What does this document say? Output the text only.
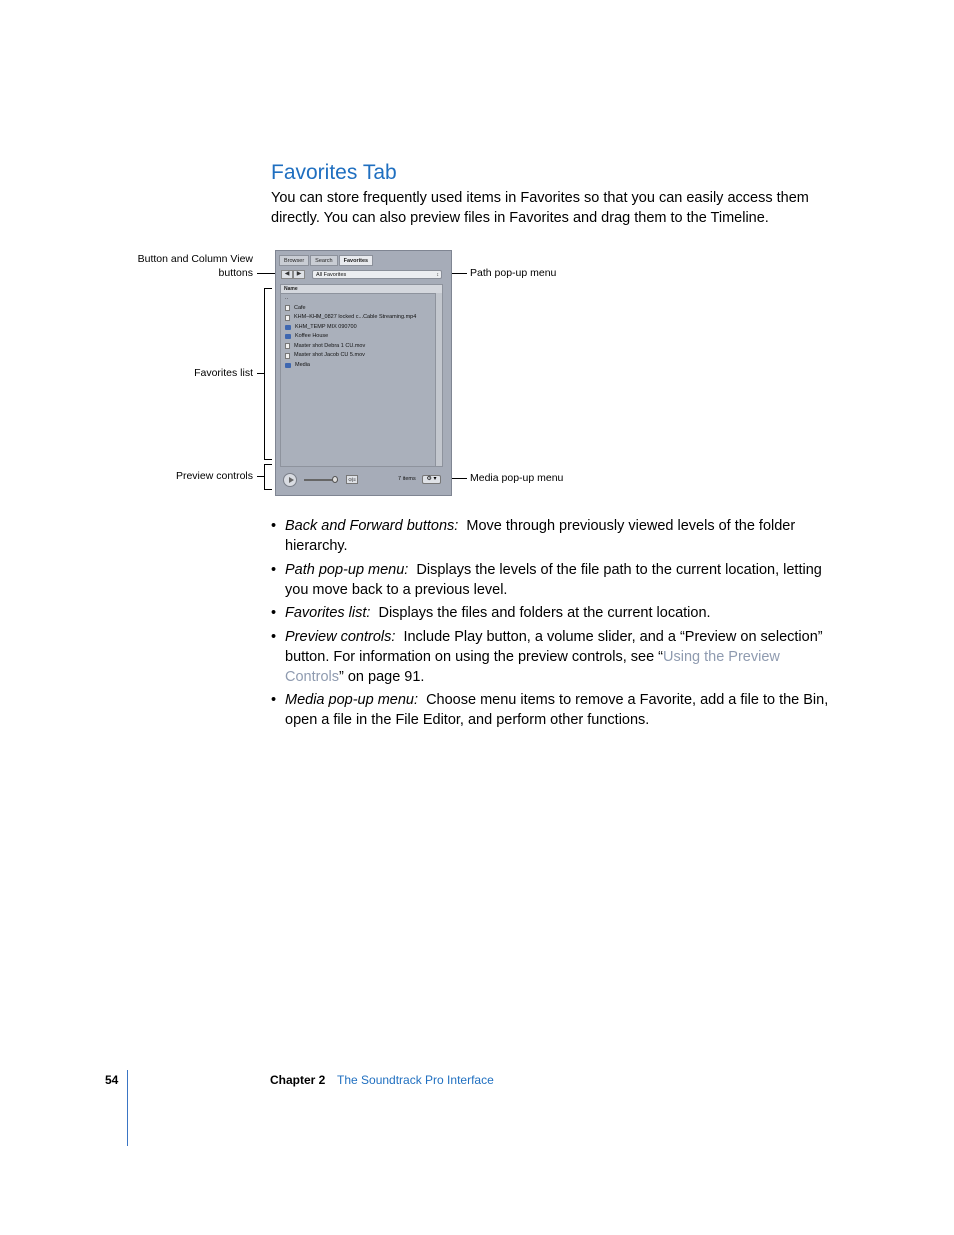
Favorites Tab

You can store frequently used items in Favorites so that you can easily access them directly. You can also preview files in Favorites and drag them to the Timeline.

Button and Column View
buttons
Favorites list
Preview controls
Path pop-up menu
Media pop-up menu
Browser	Search	Favorites
◀	▶	All Favorites	↕
Name
..
Cafe
KHM–KHM_0827 locked c...Cable Streaming.mp4
KHM_TEMP MIX 090700
Koffee House
Master shot Debra 1 CU.mov
Master shot Jacob CU 5.mov
Media
⊙|≡	7 items	⚙ ▾
• Back and Forward buttons: Move through previously viewed levels of the folder hierarchy.
• Path pop-up menu: Displays the levels of the file path to the current location, letting you move back to a previous level.
• Favorites list: Displays the files and folders at the current location.
• Preview controls: Include Play button, a volume slider, and a “Preview on selection” button. For information on using the preview controls, see “Using the Preview Controls” on page 91.
• Media pop-up menu: Choose menu items to remove a Favorite, add a file to the Bin, open a file in the File Editor, and perform other functions.
54	Chapter 2 The Soundtrack Pro Interface
